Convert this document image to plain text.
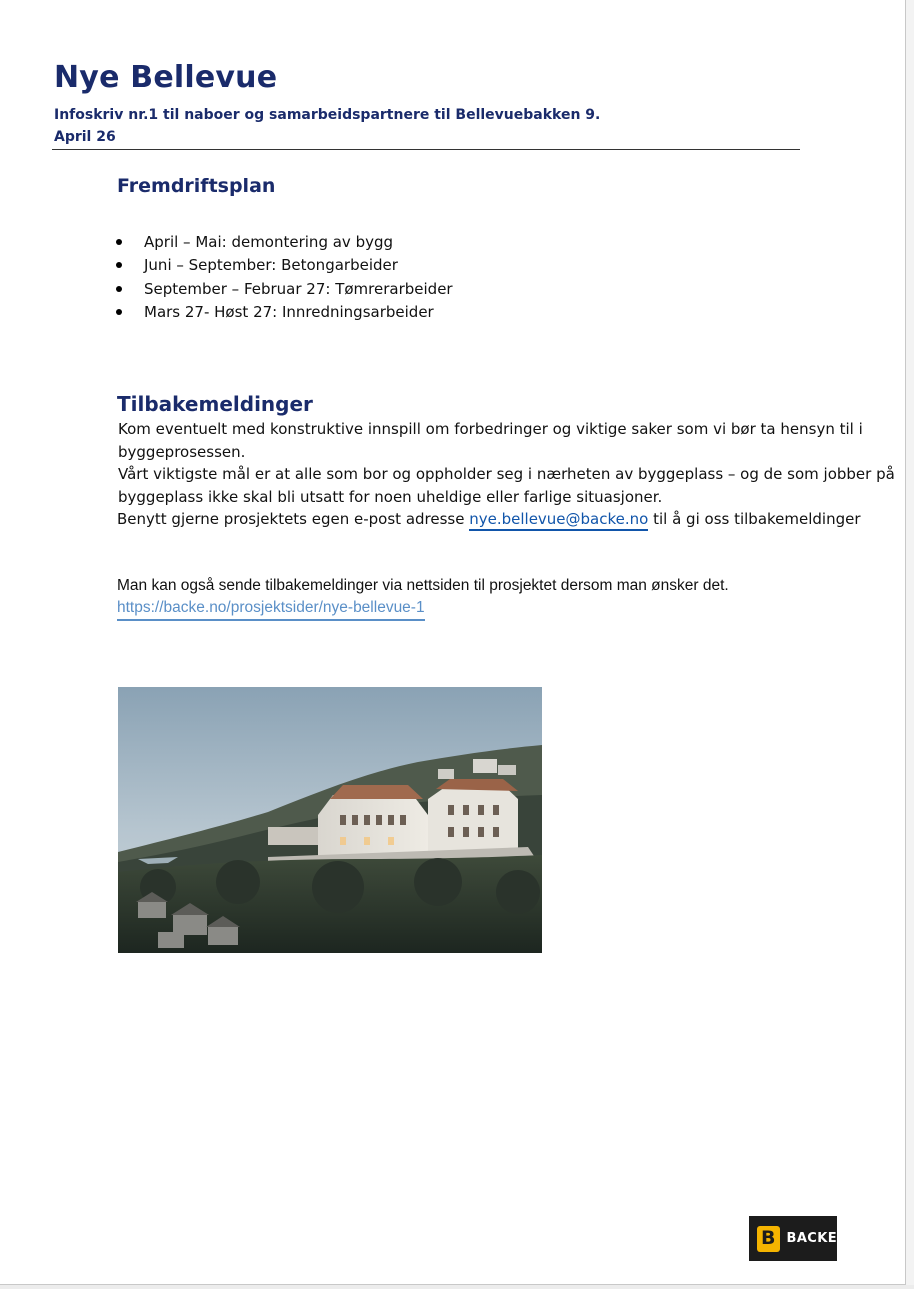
Nye Bellevue
Infoskriv nr.1 til naboer og samarbeidspartnere til Bellevuebakken 9.
April 26
Fremdriftsplan
April – Mai: demontering av bygg
Juni – September: Betongarbeider
September – Februar 27: Tømrerarbeider
Mars 27- Høst 27: Innredningsarbeider
Tilbakemeldinger
Kom eventuelt med konstruktive innspill om forbedringer og viktige saker som vi bør ta hensyn til i
byggeprosessen.
Vårt viktigste mål er at alle som bor og oppholder seg i nærheten av byggeplass – og de som jobber på
byggeplass ikke skal bli utsatt for noen uheldige eller farlige situasjoner.
Benytt gjerne prosjektets egen e-post adresse nye.bellevue@backe.no til å gi oss tilbakemeldinger
Man kan også sende tilbakemeldinger via nettsiden til prosjektet dersom man ønsker det.
https://backe.no/prosjektsider/nye-bellevue-1
B BACKE
